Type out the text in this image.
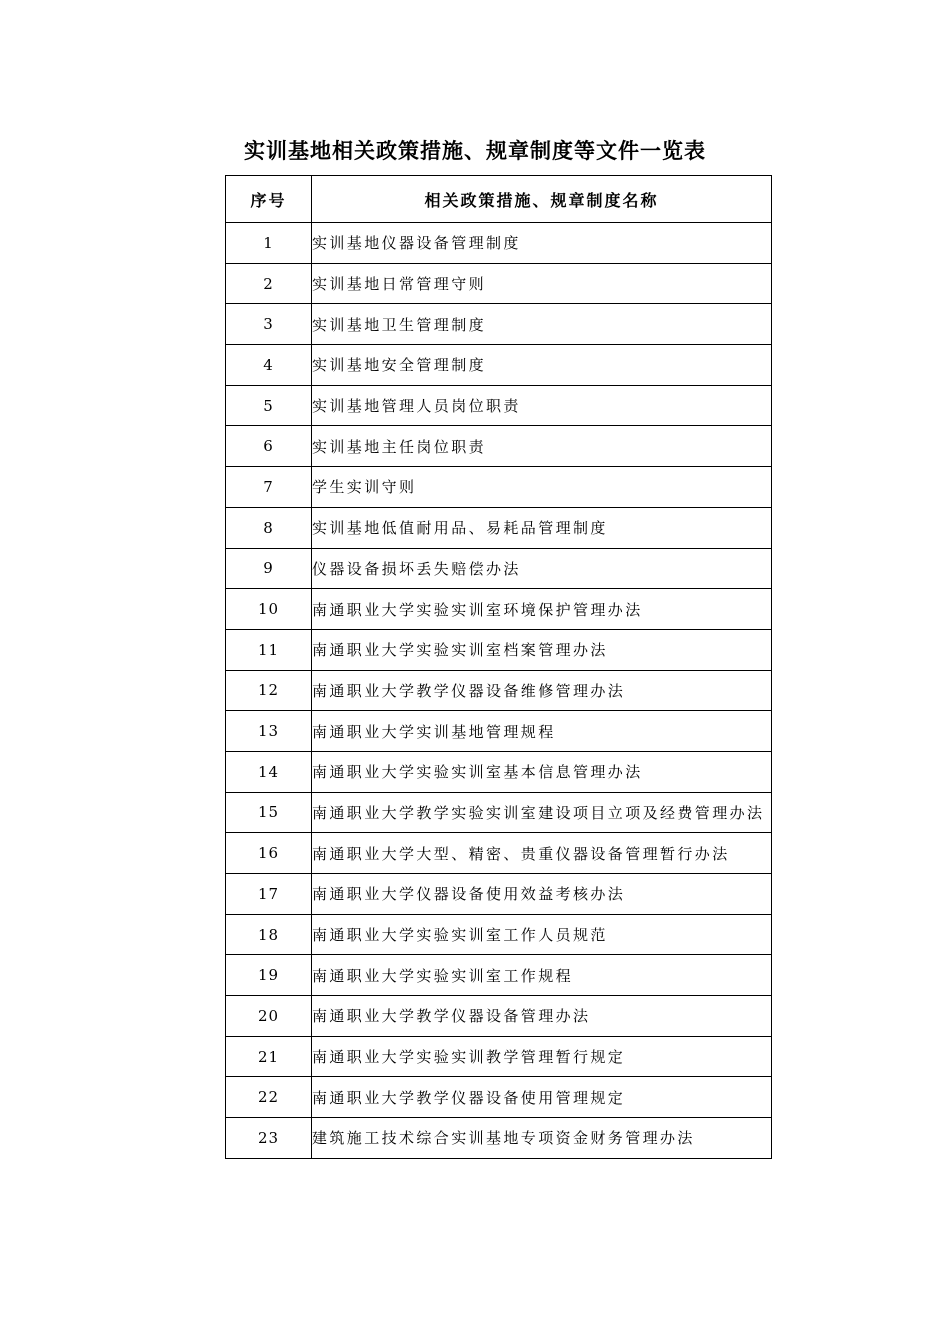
实训基地相关政策措施、规章制度等文件一览表
序号	相关政策措施、规章制度名称
1	实训基地仪器设备管理制度
2	实训基地日常管理守则
3	实训基地卫生管理制度
4	实训基地安全管理制度
5	实训基地管理人员岗位职责
6	实训基地主任岗位职责
7	学生实训守则
8	实训基地低值耐用品、易耗品管理制度
9	仪器设备损坏丢失赔偿办法
10	南通职业大学实验实训室环境保护管理办法
11	南通职业大学实验实训室档案管理办法
12	南通职业大学教学仪器设备维修管理办法
13	南通职业大学实训基地管理规程
14	南通职业大学实验实训室基本信息管理办法
15	南通职业大学教学实验实训室建设项目立项及经费管理办法
16	南通职业大学大型、精密、贵重仪器设备管理暂行办法
17	南通职业大学仪器设备使用效益考核办法
18	南通职业大学实验实训室工作人员规范
19	南通职业大学实验实训室工作规程
20	南通职业大学教学仪器设备管理办法
21	南通职业大学实验实训教学管理暂行规定
22	南通职业大学教学仪器设备使用管理规定
23	建筑施工技术综合实训基地专项资金财务管理办法
